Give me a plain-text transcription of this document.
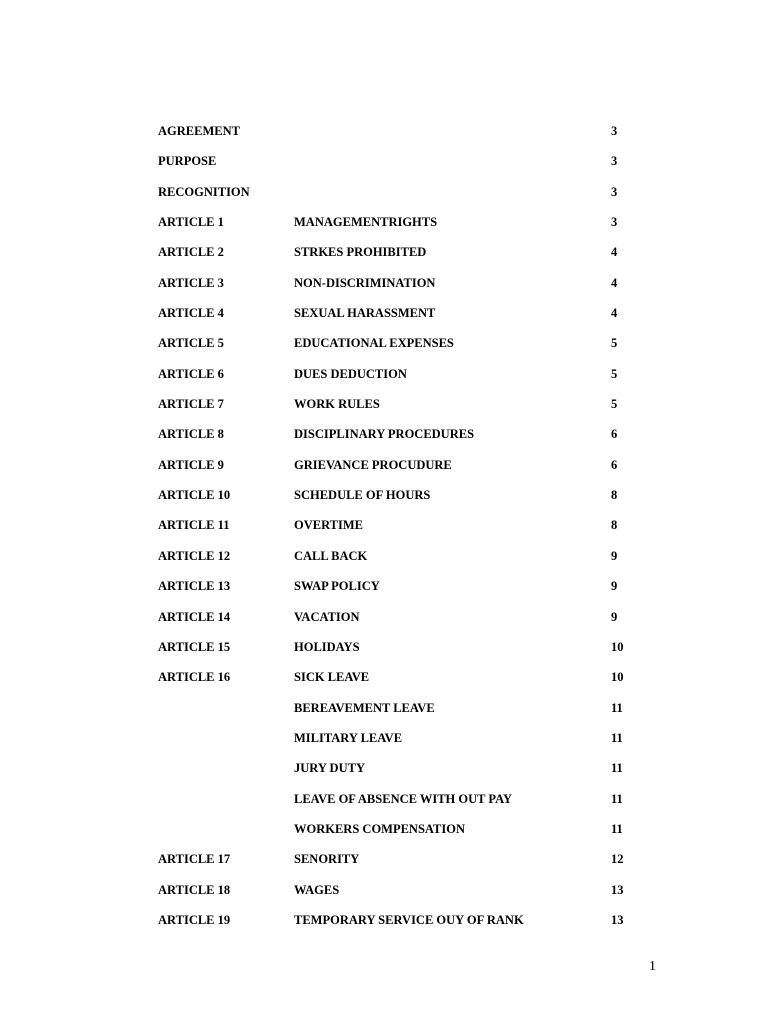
AGREEMENT	3
PURPOSE	3
RECOGNITION	3
ARTICLE 1	MANAGEMENTRIGHTS	3
ARTICLE 2	STRKES PROHIBITED	4
ARTICLE 3	NON-DISCRIMINATION	4
ARTICLE 4	SEXUAL HARASSMENT	4
ARTICLE 5	EDUCATIONAL EXPENSES	5
ARTICLE 6	DUES DEDUCTION	5
ARTICLE 7	WORK RULES	5
ARTICLE 8	DISCIPLINARY PROCEDURES	6
ARTICLE 9	GRIEVANCE PROCUDURE	6
ARTICLE 10	SCHEDULE OF HOURS	8
ARTICLE 11	OVERTIME	8
ARTICLE 12	CALL BACK	9
ARTICLE 13	SWAP POLICY	9
ARTICLE 14	VACATION	9
ARTICLE 15	HOLIDAYS	10
ARTICLE 16	SICK LEAVE	10
BEREAVEMENT LEAVE	11
MILITARY LEAVE	11
JURY DUTY	11
LEAVE OF ABSENCE WITH OUT PAY	11
WORKERS COMPENSATION	11
ARTICLE 17	SENORITY	12
ARTICLE 18	WAGES	13
ARTICLE 19	TEMPORARY SERVICE OUY OF RANK	13
1
